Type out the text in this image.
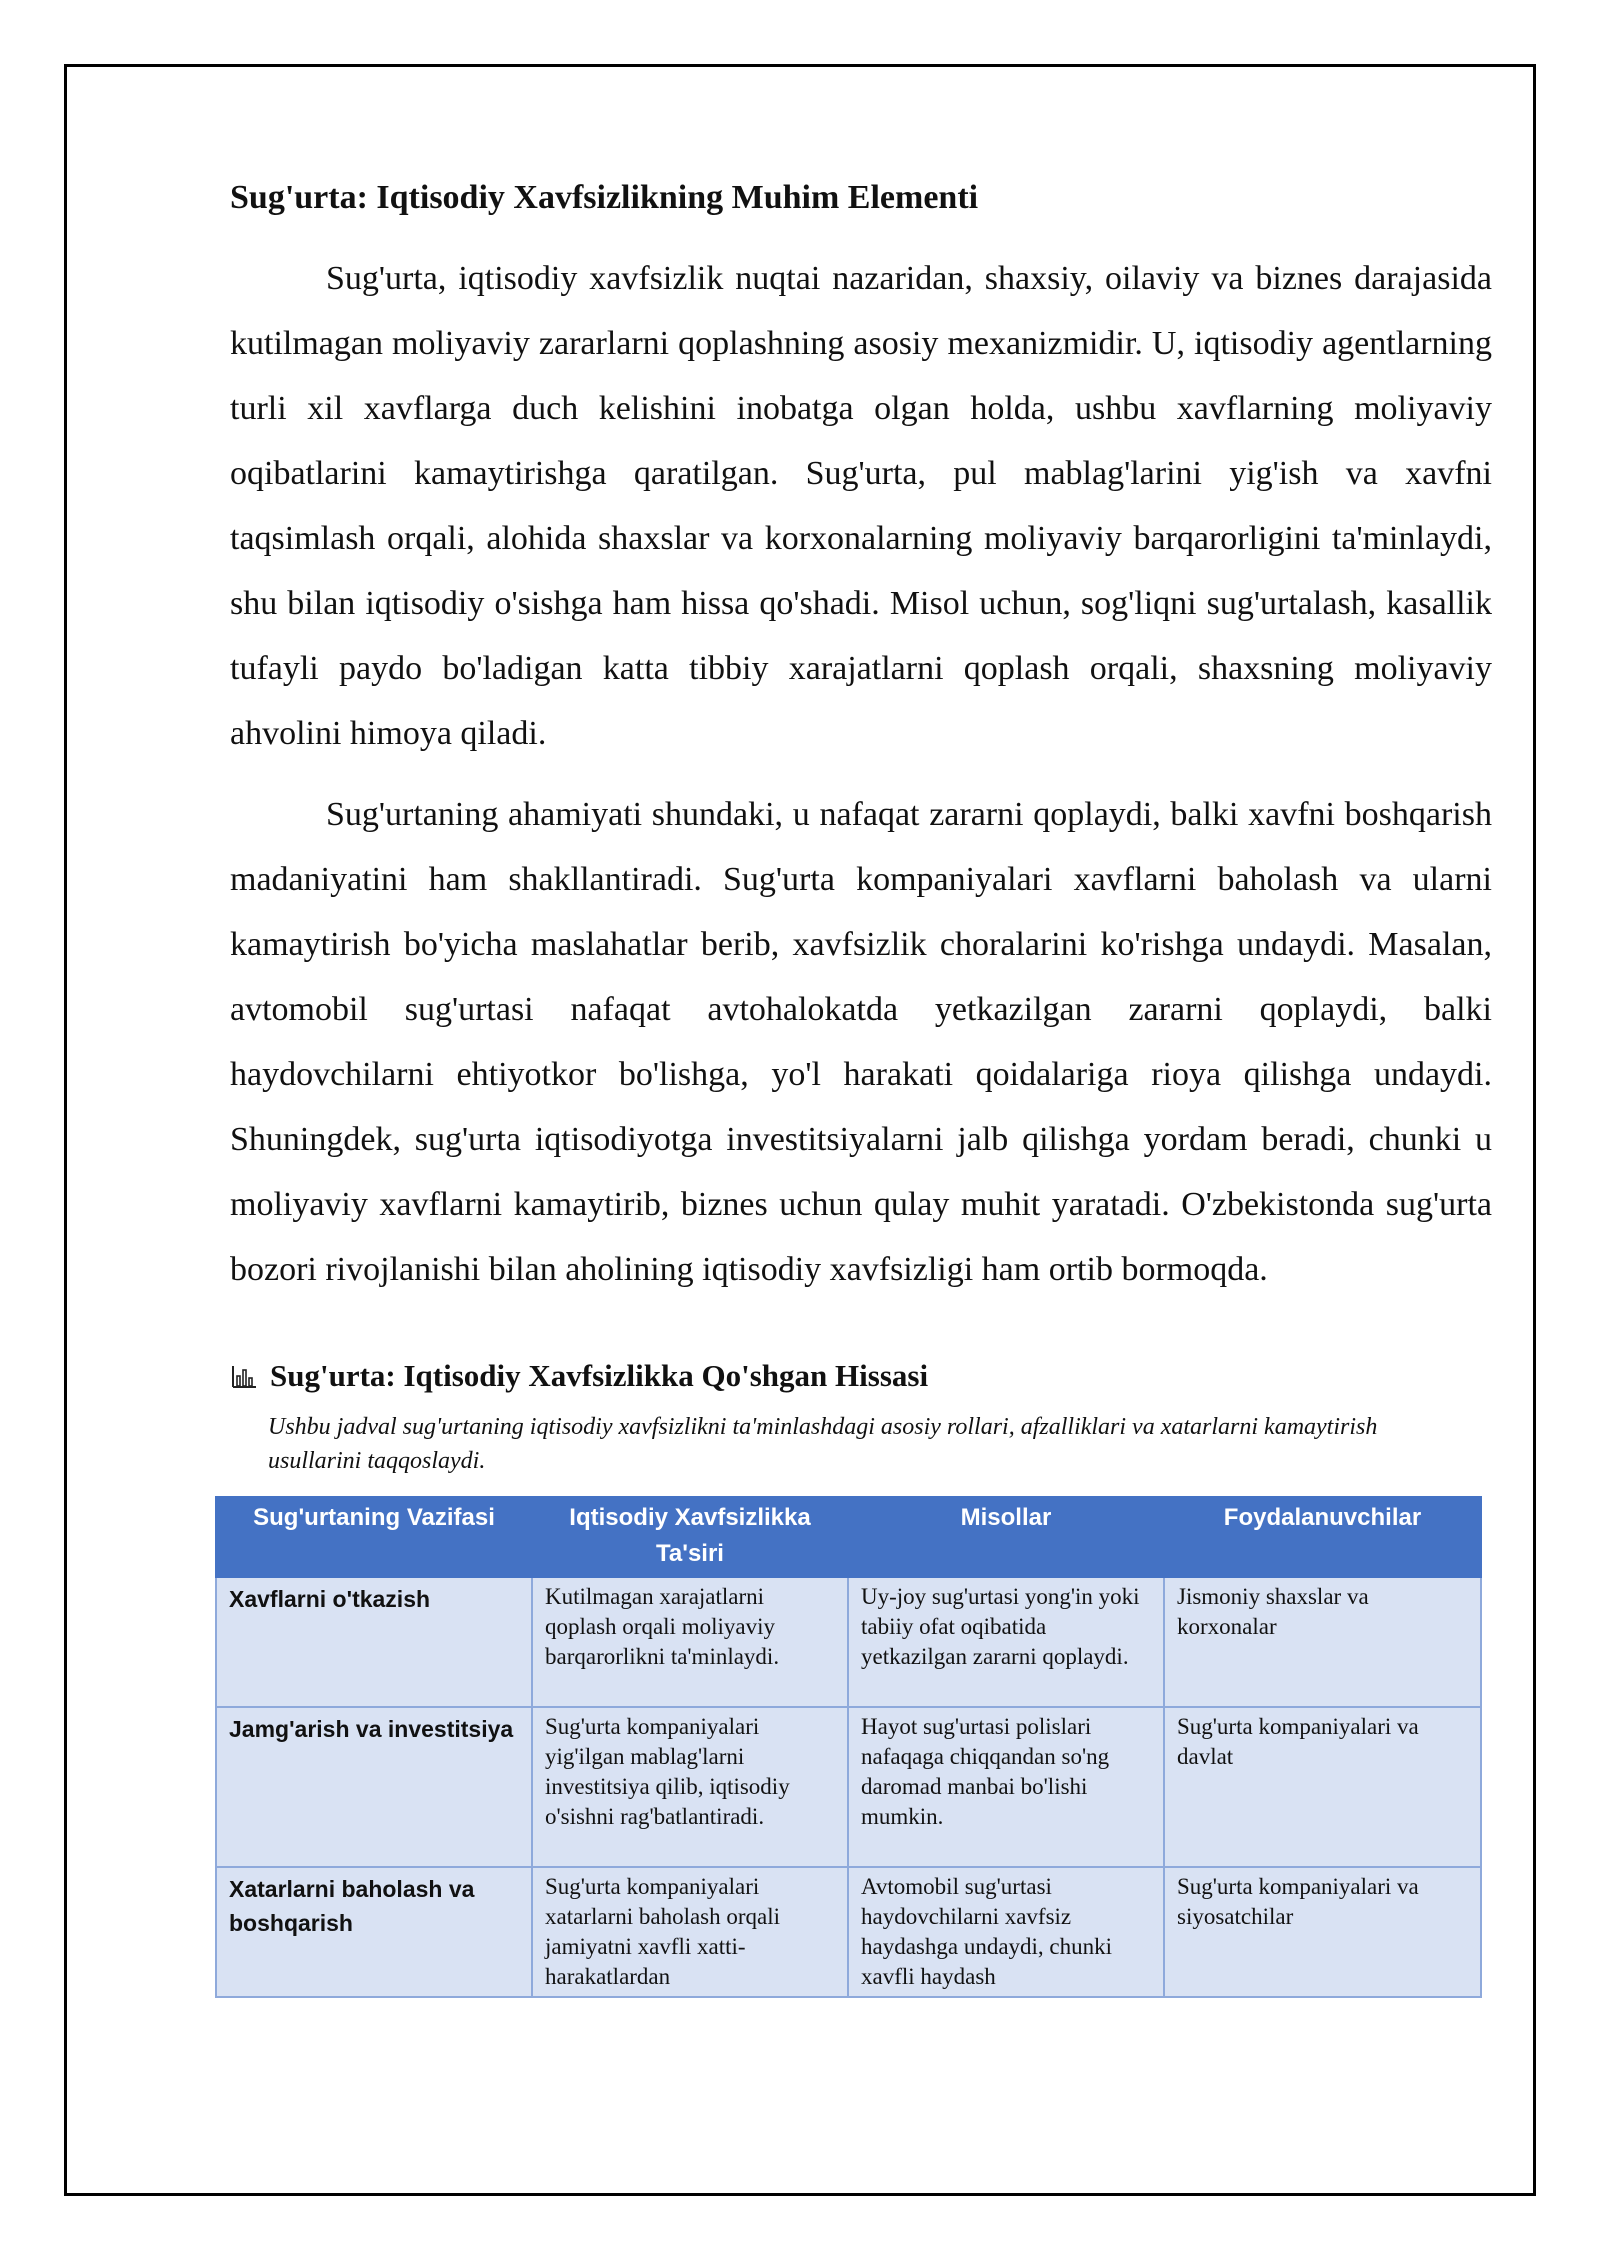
Sug'urta: Iqtisodiy Xavfsizlikning Muhim Elementi

Sug'urta, iqtisodiy xavfsizlik nuqtai nazaridan, shaxsiy, oilaviy va biznes darajasida kutilmagan moliyaviy zararlarni qoplashning asosiy mexanizmidir. U, iqtisodiy agentlarning turli xil xavflarga duch kelishini inobatga olgan holda, ushbu xavflarning moliyaviy oqibatlarini kamaytirishga qaratilgan. Sug'urta, pul mablag'larini yig'ish va xavfni taqsimlash orqali, alohida shaxslar va korxonalarning moliyaviy barqarorligini ta'minlaydi, shu bilan iqtisodiy o'sishga ham hissa qo'shadi. Misol uchun, sog'liqni sug'urtalash, kasallik tufayli paydo bo'ladigan katta tibbiy xarajatlarni qoplash orqali, shaxsning moliyaviy ahvolini himoya qiladi.

Sug'urtaning ahamiyati shundaki, u nafaqat zararni qoplaydi, balki xavfni boshqarish madaniyatini ham shakllantiradi. Sug'urta kompaniyalari xavflarni baholash va ularni kamaytirish bo'yicha maslahatlar berib, xavfsizlik choralarini ko'rishga undaydi. Masalan, avtomobil sug'urtasi nafaqat avtohalokatda yetkazilgan zararni qoplaydi, balki haydovchilarni ehtiyotkor bo'lishga, yo'l harakati qoidalariga rioya qilishga undaydi. Shuningdek, sug'urta iqtisodiyotga investitsiyalarni jalb qilishga yordam beradi, chunki u moliyaviy xavflarni kamaytirib, biznes uchun qulay muhit yaratadi. O'zbekistonda sug'urta bozori rivojlanishi bilan aholining iqtisodiy xavfsizligi ham ortib bormoqda.

Sug'urta: Iqtisodiy Xavfsizlikka Qo'shgan Hissasi
Ushbu jadval sug'urtaning iqtisodiy xavfsizlikni ta'minlashdagi asosiy rollari, afzalliklari va xatarlarni kamaytirish usullarini taqqoslaydi.
Sug'urtaning Vazifasi	Iqtisodiy Xavfsizlikka Ta'siri	Misollar	Foydalanuvchilar
Xavflarni o'tkazish	Kutilmagan xarajatlarni qoplash orqali moliyaviy barqarorlikni ta'minlaydi.	Uy-joy sug'urtasi yong'in yoki tabiiy ofat oqibatida yetkazilgan zararni qoplaydi.	Jismoniy shaxslar va korxonalar
Jamg'arish va investitsiya	Sug'urta kompaniyalari yig'ilgan mablag'larni investitsiya qilib, iqtisodiy o'sishni rag'batlantiradi.	Hayot sug'urtasi polislari nafaqaga chiqqandan so'ng daromad manbai bo'lishi mumkin.	Sug'urta kompaniyalari va davlat
Xatarlarni baholash va boshqarish	Sug'urta kompaniyalari xatarlarni baholash orqali jamiyatni xavfli xatti-harakatlardan	Avtomobil sug'urtasi haydovchilarni xavfsiz haydashga undaydi, chunki xavfli haydash	Sug'urta kompaniyalari va siyosatchilar
